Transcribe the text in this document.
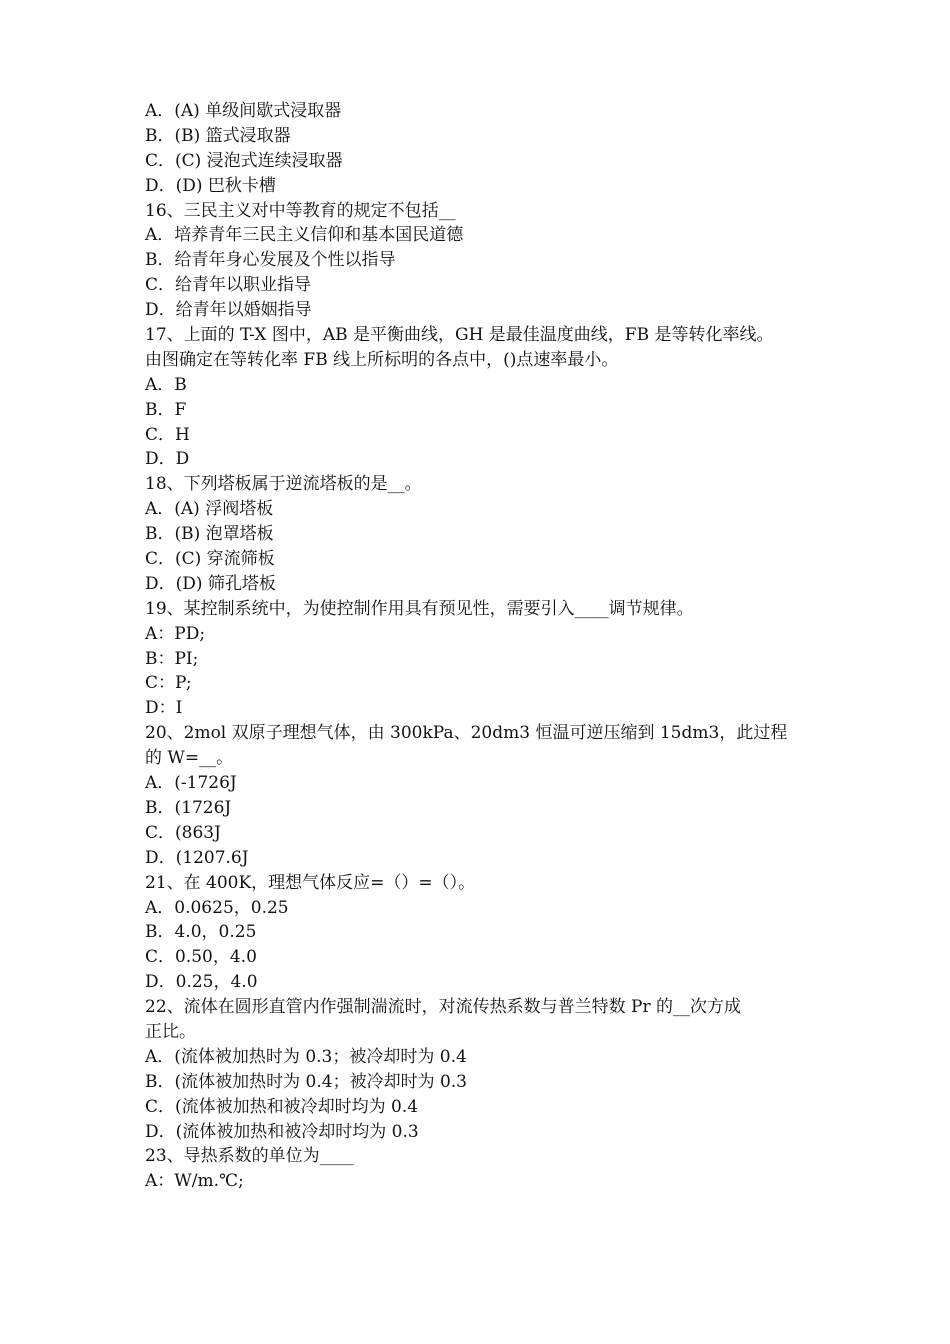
A．(A) 单级间歇式浸取器
B．(B) 篮式浸取器
C．(C) 浸泡式连续浸取器
D．(D) 巴秋卡槽
16、三民主义对中等教育的规定不包括__
A．培养青年三民主义信仰和基本国民道德
B．给青年身心发展及个性以指导
C．给青年以职业指导
D．给青年以婚姻指导
17、上面的 T-X 图中，AB 是平衡曲线，GH 是最佳温度曲线，FB 是等转化率线。
由图确定在等转化率 FB 线上所标明的各点中，()点速率最小。
A．B
B．F
C．H
D．D
18、下列塔板属于逆流塔板的是__。
A．(A) 浮阀塔板
B．(B) 泡罩塔板
C．(C) 穿流筛板
D．(D) 筛孔塔板
19、某控制系统中，为使控制作用具有预见性，需要引入____调节规律。
A：PD;
B：PI;
C：P;
D：I
20、2mol 双原子理想气体，由 300kPa、20dm3 恒温可逆压缩到 15dm3，此过程
的 W=__。
A．(-1726J
B．(1726J
C．(863J
D．(1207.6J
21、在 400K，理想气体反应=（）=（）。
A．0.0625，0.25
B．4.0，0.25
C．0.50，4.0
D．0.25，4.0
22、流体在圆形直管内作强制湍流时，对流传热系数与普兰特数 Pr 的__次方成
正比。
A．(流体被加热时为 0.3；被冷却时为 0.4
B．(流体被加热时为 0.4；被冷却时为 0.3
C．(流体被加热和被冷却时均为 0.4
D．(流体被加热和被冷却时均为 0.3
23、导热系数的单位为____
A：W/m.℃;
